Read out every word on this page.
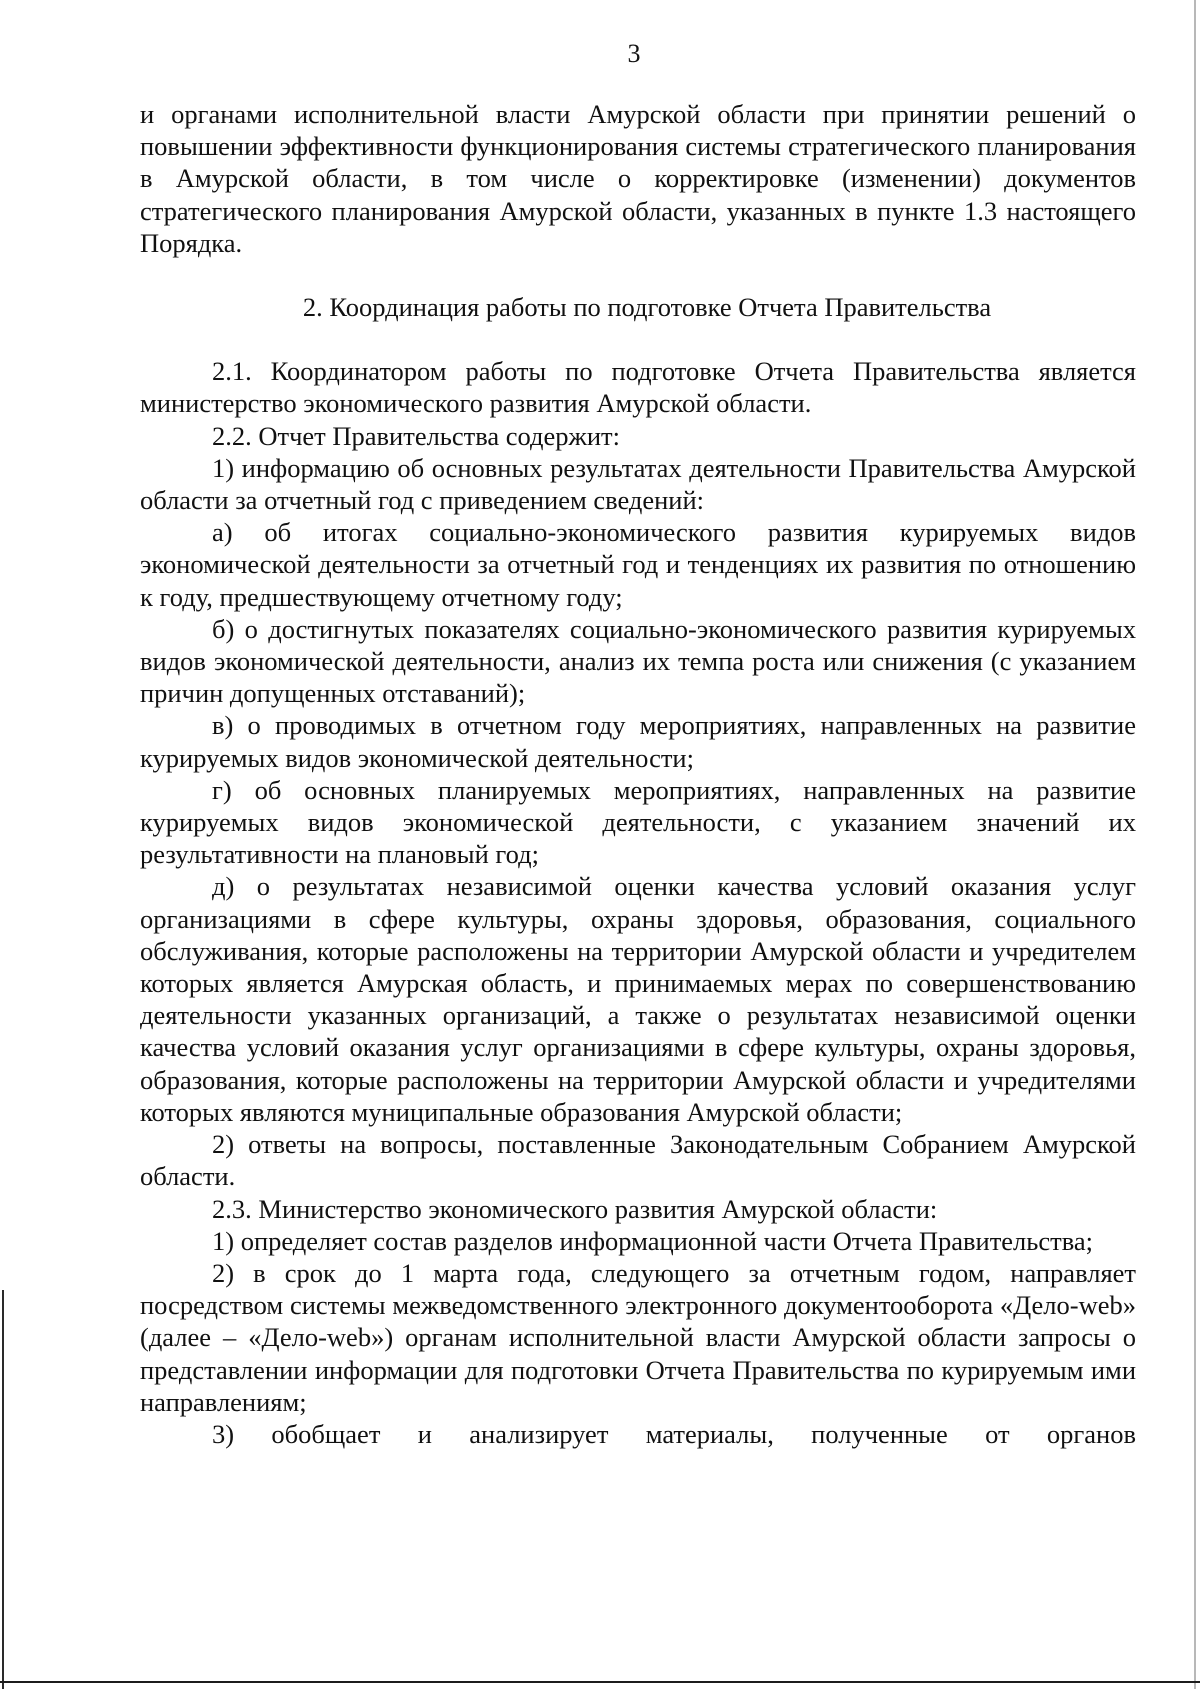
3

и органами исполнительной власти Амурской области при принятии решений о повышении эффективности функционирования системы стратегического планирования в Амурской области, в том числе о корректировке (изменении) документов стратегического планирования Амурской области, указанных в пункте 1.3 настоящего Порядка.

2. Координация работы по подготовке Отчета Правительства

2.1. Координатором работы по подготовке Отчета Правительства является министерство экономического развития Амурской области.

2.2. Отчет Правительства содержит:

1) информацию об основных результатах деятельности Правительства Амурской области за отчетный год с приведением сведений:

а) об итогах социально-экономического развития курируемых видов экономической деятельности за отчетный год и тенденциях их развития по отношению к году, предшествующему отчетному году;

б) о достигнутых показателях социально-экономического развития курируемых видов экономической деятельности, анализ их темпа роста или снижения (с указанием причин допущенных отставаний);

в) о проводимых в отчетном году мероприятиях, направленных на развитие курируемых видов экономической деятельности;

г) об основных планируемых мероприятиях, направленных на развитие курируемых видов экономической деятельности, с указанием значений их результативности на плановый год;

д) о результатах независимой оценки качества условий оказания услуг организациями в сфере культуры, охраны здоровья, образования, социального обслуживания, которые расположены на территории Амурской области и учредителем которых является Амурская область, и принимаемых мерах по совершенствованию деятельности указанных организаций, а также о результатах независимой оценки качества условий оказания услуг организациями в сфере культуры, охраны здоровья, образования, которые расположены на территории Амурской области и учредителями которых являются муниципальные образования Амурской области;

2) ответы на вопросы, поставленные Законодательным Собранием Амурской области.

2.3. Министерство экономического развития Амурской области:

1) определяет состав разделов информационной части Отчета Правительства;

2) в срок до 1 марта года, следующего за отчетным годом, направляет посредством системы межведомственного электронного документооборота «Дело-web» (далее – «Дело-web») органам исполнительной власти Амурской области запросы о представлении информации для подготовки Отчета Правительства по курируемым ими направлениям;

3) обобщает и анализирует материалы, полученные от органов
